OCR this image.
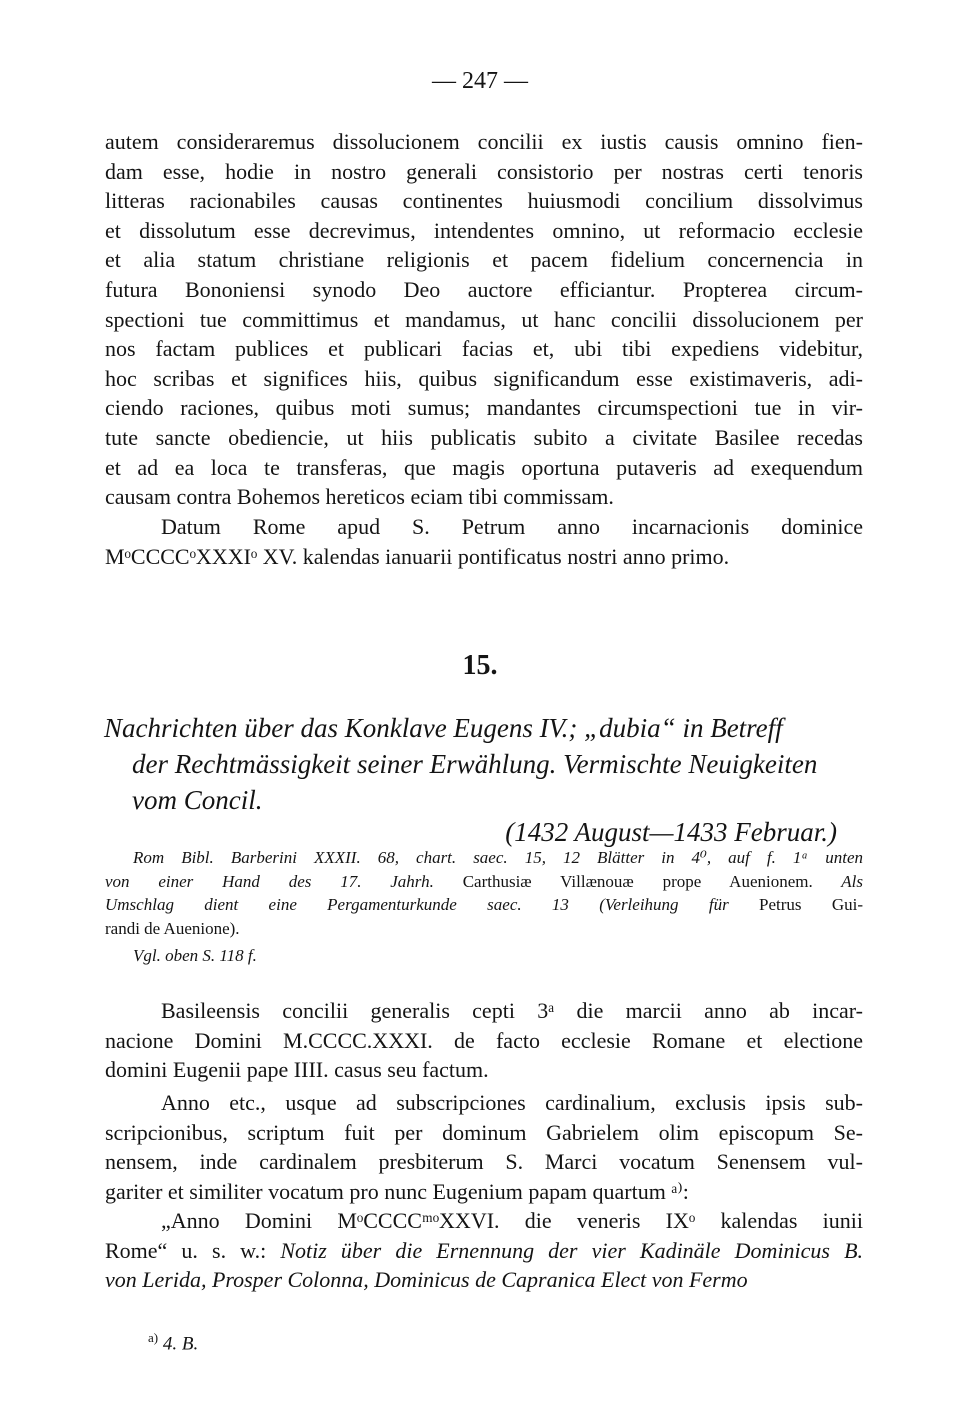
— 247 —
autem consideraremus dissolucionem concilii ex iustis causis omnino fien-
dam esse, hodie in nostro generali consistorio per nostras certi tenoris
litteras racionabiles causas continentes huiusmodi concilium dissolvimus
et dissolutum esse decrevimus, intendentes omnino, ut reformacio ecclesie
et alia statum christiane religionis et pacem fidelium concernencia in
futura Bononiensi synodo Deo auctore efficiantur. Propterea circum-
spectioni tue committimus et mandamus, ut hanc concilii dissolucionem per
nos factam publices et publicari facias et, ubi tibi expediens videbitur,
hoc scribas et significes hiis, quibus significandum esse existimaveris, adi-
ciendo raciones, quibus moti sumus; mandantes circumspectioni tue in vir-
tute sancte obediencie, ut hiis publicatis subito a civitate Basilee recedas
et ad ea loca te transferas, que magis oportuna putaveris ad exequendum
causam contra Bohemos hereticos eciam tibi commissam.
Datum Rome apud S. Petrum anno incarnacionis dominice
MᵒCCCCᵒXXXIᵒ XV. kalendas ianuarii pontificatus nostri anno primo.
15.
Nachrichten über das Konklave Eugens IV.; „dubia“ in Betreff
der Rechtmässigkeit seiner Erwählung. Vermischte Neuigkeiten
vom Concil.
(1432 August—1433 Februar.)
Rom Bibl. Barberini XXXII. 68, chart. saec. 15, 12 Blätter in 4⁰, auf f. 1ᵃ unten
von einer Hand des 17. Jahrh. Carthusiæ Villænouæ prope Auenionem. Als
Umschlag dient eine Pergamenturkunde saec. 13 (Verleihung für Petrus Gui-
randi de Auenione).
Vgl. oben S. 118 f.
Basileensis concilii generalis cepti 3ᵃ die marcii anno ab incar-
nacione Domini M.CCCC.XXXI. de facto ecclesie Romane et electione
domini Eugenii pape IIII. casus seu factum.
Anno etc., usque ad subscripciones cardinalium, exclusis ipsis sub-
scripcionibus, scriptum fuit per dominum Gabrielem olim episcopum Se-
nensem, inde cardinalem presbiterum S. Marci vocatum Senensem vul-
gariter et similiter vocatum pro nunc Eugenium papam quartum ᵃ⁾:
„Anno Domini MᵒCCCCᵐᵒXXVI. die veneris IXᵒ kalendas iunii
Rome“ u. s. w.: Notiz über die Ernennung der vier Kadinäle Dominicus B.
von Lerida, Prosper Colonna, Dominicus de Capranica Elect von Fermo
$^{a)}$ 4. B.
